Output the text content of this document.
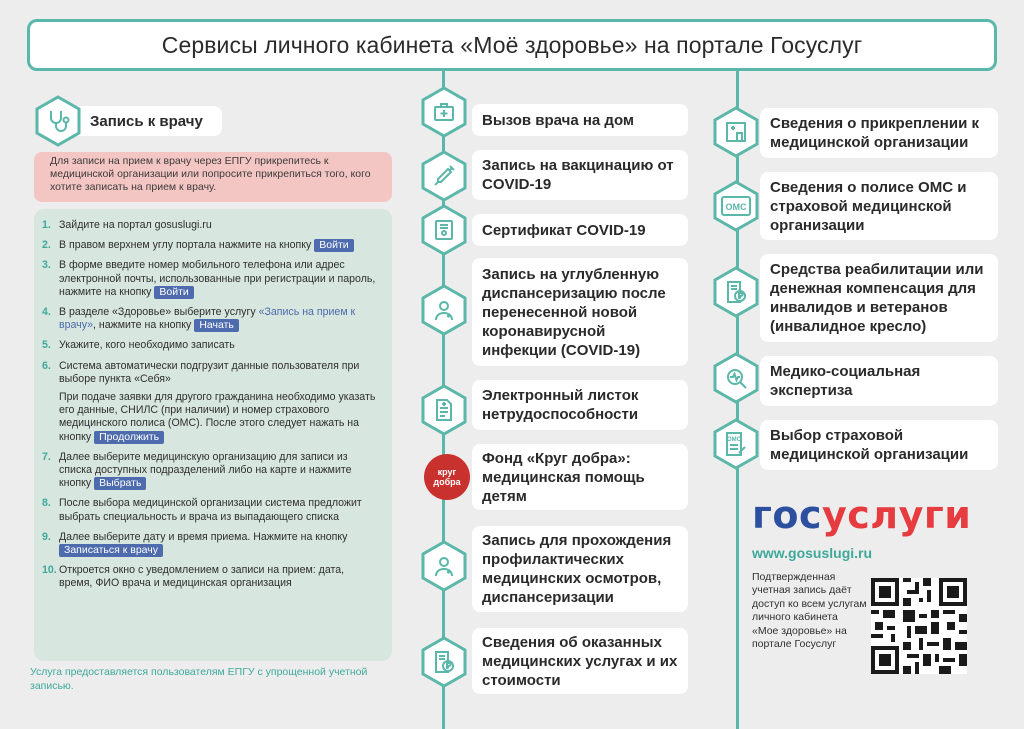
Сервисы личного кабинета «Моё здоровье» на портале Госуслуг
Запись к врачу
Для записи на прием к врачу через ЕПГУ прикрепитесь к медицинской организации или попросите прикрепиться того, кого хотите записать на прием к врачу.
1. Зайдите на портал gosuslugi.ru
2. В правом верхнем углу портала нажмите на кнопку Войти
3. В форме введите номер мобильного телефона или адрес электронной почты, использованные при регистрации и пароль, нажмите на кнопку Войти
4. В разделе «Здоровье» выберите услугу «Запись на прием к врачу», нажмите на кнопку Начать
5. Укажите, кого необходимо записать
6. Система автоматически подгрузит данные пользователя при выборе пункта «Себя»
При подаче заявки для другого гражданина необходимо указать его данные, СНИЛС (при наличии) и номер страхового медицинского полиса (ОМС). После этого следует нажать на кнопку Продолжить
7. Далее выберите медицинскую организацию для записи из списка доступных подразделений либо на карте и нажмите кнопку Выбрать
8. После выбора медицинской организации система предложит выбрать специальность и врача из выпадающего списка
9. Далее выберите дату и время приема. Нажмите на кнопку Записаться к врачу
10. Откроется окно с уведомлением о записи на прием: дата, время, ФИО врача и медицинская организация
Услуга предоставляется пользователям ЕПГУ с упрощенной учетной записью.
Вызов врача на дом
Запись на вакцинацию от COVID-19
Сертификат COVID-19
Запись на углубленную диспансеризацию после перенесенной новой коронавирусной инфекции (COVID-19)
Электронный листок нетрудоспособности
Фонд «Круг добра»: медицинская помощь детям
Запись для прохождения профилактических медицинских осмотров, диспансеризации
Сведения об оказанных медицинских услугах и их стоимости
круг добра
Сведения о прикреплении к медицинской организации
Сведения о полисе ОМС и страховой медицинской организации
Средства реабилитации или денежная компенсация для инвалидов и ветеранов (инвалидное кресло)
Медико-социальная экспертиза
Выбор страховой медицинской организации
ОМС
ОМС
госуслуги
www.gosuslugi.ru
Подтвержденная учетная запись даёт доступ ко всем услугам личного кабинета «Мое здоровье» на портале Госуслуг
